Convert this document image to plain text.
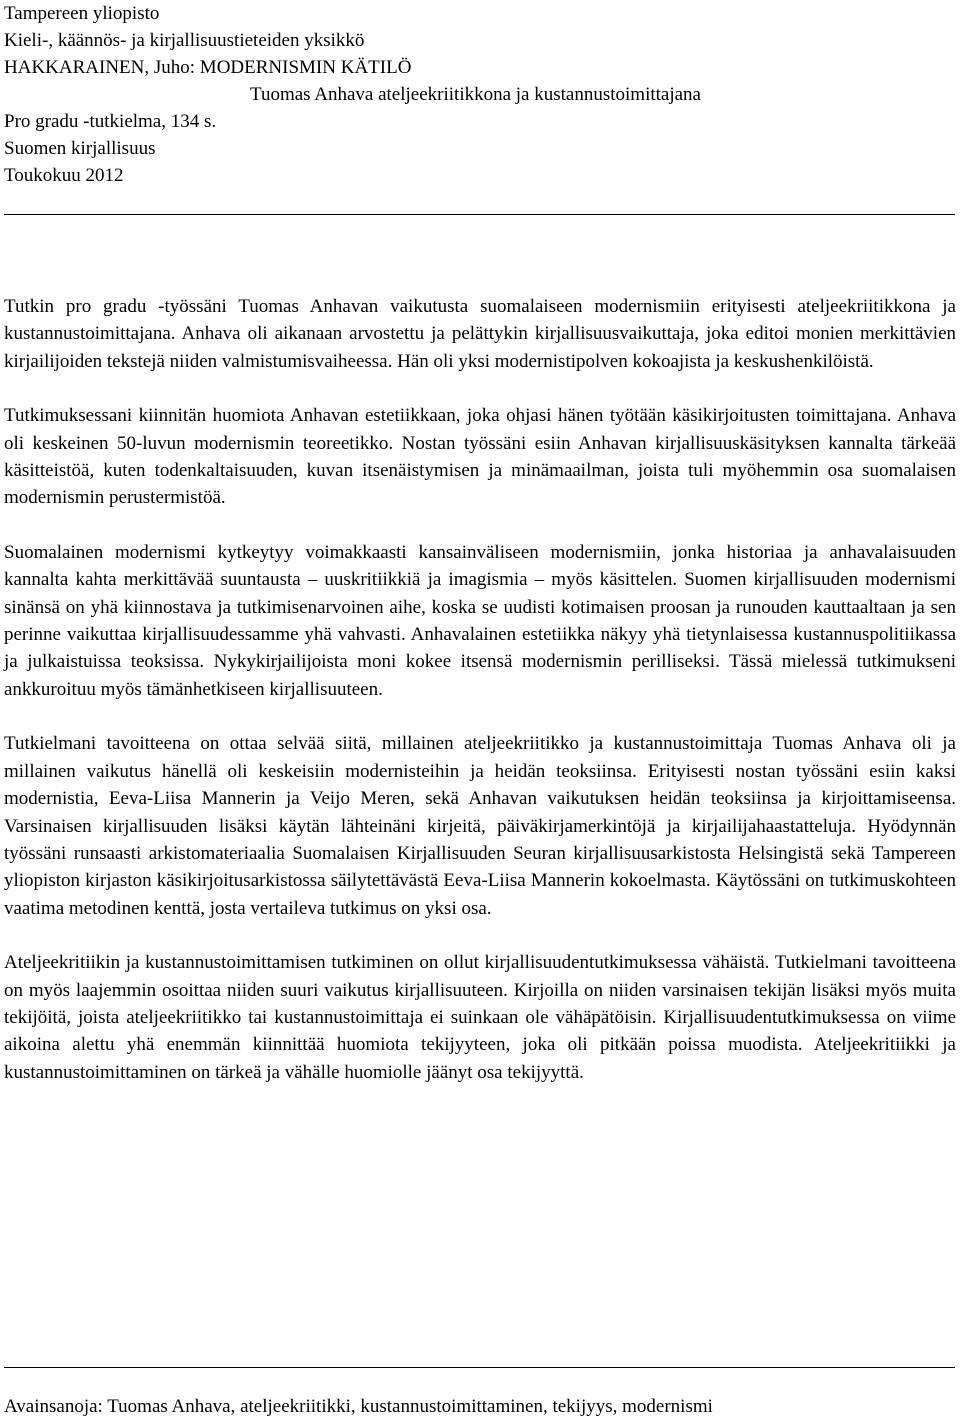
Tampereen yliopisto
Kieli-, käännös- ja kirjallisuustieteiden yksikkö
HAKKARAINEN, Juho: MODERNISMIN KÄTILÖ
Tuomas Anhava ateljeekriitikkona ja kustannustoimittajana
Pro gradu -tutkielma, 134 s.
Suomen kirjallisuus
Toukokuu 2012

Tutkin pro gradu -työssäni Tuomas Anhavan vaikutusta suomalaiseen modernismiin erityisesti ateljeekriitikkona ja kustannustoimittajana. Anhava oli aikanaan arvostettu ja pelättykin kirjallisuusvaikuttaja, joka editoi monien merkittävien kirjailijoiden tekstejä niiden valmistumisvaiheessa. Hän oli yksi modernistipolven kokoajista ja keskushenkilöistä.

Tutkimuksessani kiinnitän huomiota Anhavan estetiikkaan, joka ohjasi hänen työtään käsikirjoitusten toimittajana. Anhava oli keskeinen 50-luvun modernismin teoreetikko. Nostan työssäni esiin Anhavan kirjallisuuskäsityksen kannalta tärkeää käsitteistöä, kuten todenkaltaisuuden, kuvan itsenäistymisen ja minämaailman, joista tuli myöhemmin osa suomalaisen modernismin perustermistöä.

Suomalainen modernismi kytkeytyy voimakkaasti kansainväliseen modernismiin, jonka historiaa ja anhavalaisuuden kannalta kahta merkittävää suuntausta – uuskritiikkiä ja imagismia – myös käsittelen. Suomen kirjallisuuden modernismi sinänsä on yhä kiinnostava ja tutkimisenarvoinen aihe, koska se uudisti kotimaisen proosan ja runouden kauttaaltaan ja sen perinne vaikuttaa kirjallisuudessamme yhä vahvasti. Anhavalainen estetiikka näkyy yhä tietynlaisessa kustannuspolitiikassa ja julkaistuissa teoksissa. Nykykirjailijoista moni kokee itsensä modernismin perilliseksi. Tässä mielessä tutkimukseni ankkuroituu myös tämänhetkiseen kirjallisuuteen.

Tutkielmani tavoitteena on ottaa selvää siitä, millainen ateljeekriitikko ja kustannustoimittaja Tuomas Anhava oli ja millainen vaikutus hänellä oli keskeisiin modernisteihin ja heidän teoksiinsa. Erityisesti nostan työssäni esiin kaksi modernistia, Eeva-Liisa Mannerin ja Veijo Meren, sekä Anhavan vaikutuksen heidän teoksiinsa ja kirjoittamiseensa. Varsinaisen kirjallisuuden lisäksi käytän lähteinäni kirjeitä, päiväkirjamerkintöjä ja kirjailijahaastatteluja. Hyödynnän työssäni runsaasti arkistomateriaalia Suomalaisen Kirjallisuuden Seuran kirjallisuusarkistosta Helsingistä sekä Tampereen yliopiston kirjaston käsikirjoitusarkistossa säilytettävästä Eeva-Liisa Mannerin kokoelmasta. Käytössäni on tutkimuskohteen vaatima metodinen kenttä, josta vertaileva tutkimus on yksi osa.

Ateljeekritiikin ja kustannustoimittamisen tutkiminen on ollut kirjallisuudentutkimuksessa vähäistä. Tutkielmani tavoitteena on myös laajemmin osoittaa niiden suuri vaikutus kirjallisuuteen. Kirjoilla on niiden varsinaisen tekijän lisäksi myös muita tekijöitä, joista ateljeekriitikko tai kustannustoimittaja ei suinkaan ole vähäpätöisin. Kirjallisuudentutkimuksessa on viime aikoina alettu yhä enemmän kiinnittää huomiota tekijyyteen, joka oli pitkään poissa muodista. Ateljeekritiikki ja kustannustoimittaminen on tärkeä ja vähälle huomiolle jäänyt osa tekijyyttä.

Avainsanoja: Tuomas Anhava, ateljeekriitikki, kustannustoimittaminen, tekijyys, modernismi
